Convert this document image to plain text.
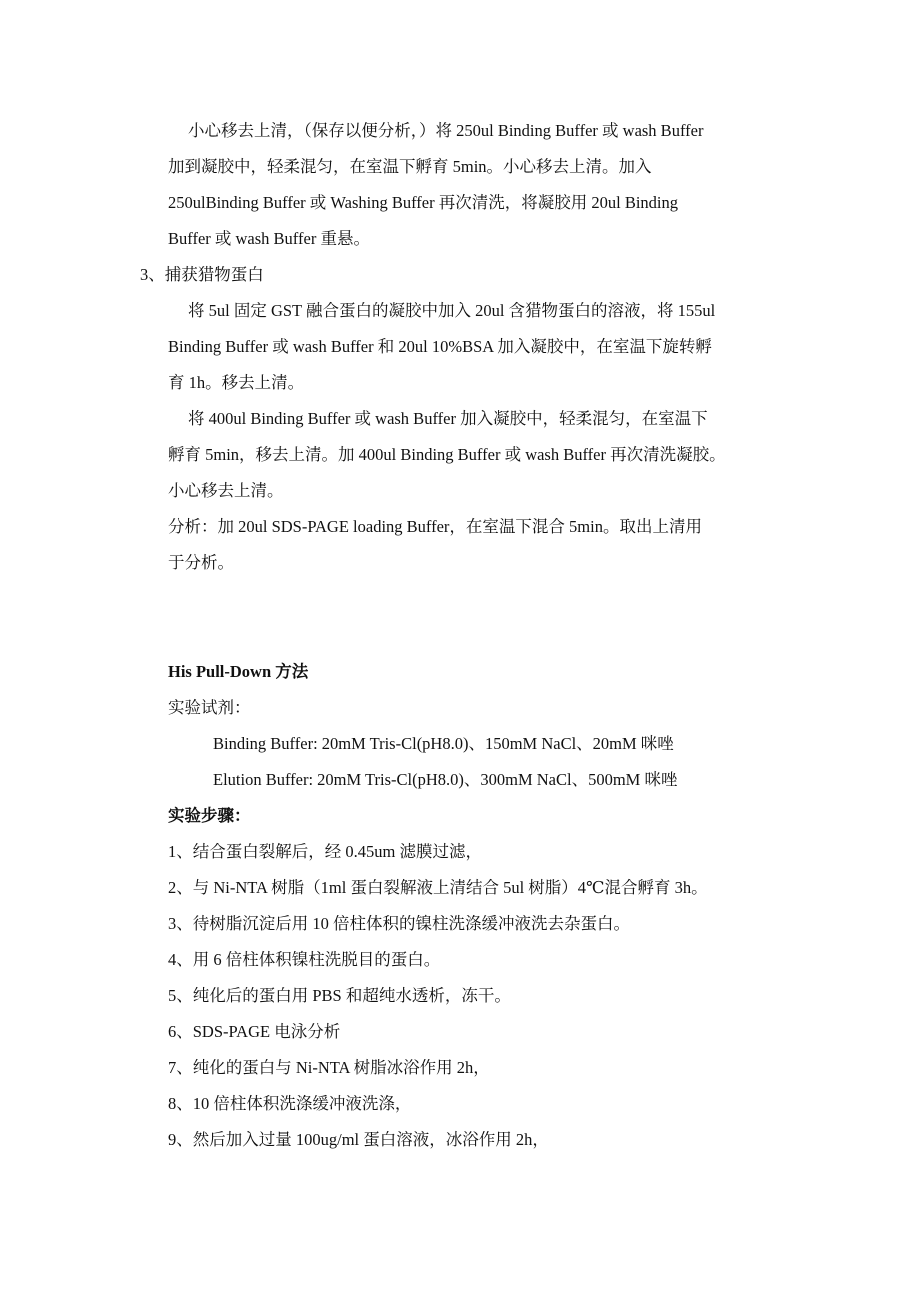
小心移去上清，（保存以便分析，）将 250ul Binding Buffer 或 wash Buffer
加到凝胶中，轻柔混匀，在室温下孵育 5min。小心移去上清。加入
250ulBinding Buffer 或 Washing Buffer 再次清洗，将凝胶用 20ul Binding
Buffer 或 wash Buffer 重悬。
3、捕获猎物蛋白
将 5ul 固定 GST 融合蛋白的凝胶中加入 20ul 含猎物蛋白的溶液，将 155ul
Binding Buffer 或 wash Buffer 和 20ul 10%BSA 加入凝胶中，在室温下旋转孵
育 1h。移去上清。
将 400ul Binding Buffer 或 wash Buffer 加入凝胶中，轻柔混匀，在室温下
孵育 5min，移去上清。加 400ul Binding Buffer 或 wash Buffer 再次清洗凝胶。
小心移去上清。
分析：加 20ul SDS-PAGE loading Buffer，在室温下混合 5min。取出上清用
于分析。
His Pull-Down 方法
实验试剂：
Binding Buffer: 20mM Tris-Cl(pH8.0)、150mM NaCl、20mM 咪唑
Elution Buffer: 20mM Tris-Cl(pH8.0)、300mM NaCl、500mM 咪唑
实验步骤：
1、结合蛋白裂解后，经 0.45um 滤膜过滤，
2、与 Ni-NTA 树脂（1ml 蛋白裂解液上清结合 5ul 树脂）4℃混合孵育 3h。
3、待树脂沉淀后用 10 倍柱体积的镍柱洗涤缓冲液洗去杂蛋白。
4、用 6 倍柱体积镍柱洗脱目的蛋白。
5、纯化后的蛋白用 PBS 和超纯水透析，冻干。
6、SDS-PAGE 电泳分析
7、纯化的蛋白与 Ni-NTA 树脂冰浴作用 2h，
8、10 倍柱体积洗涤缓冲液洗涤，
9、然后加入过量 100ug/ml 蛋白溶液，冰浴作用 2h，
